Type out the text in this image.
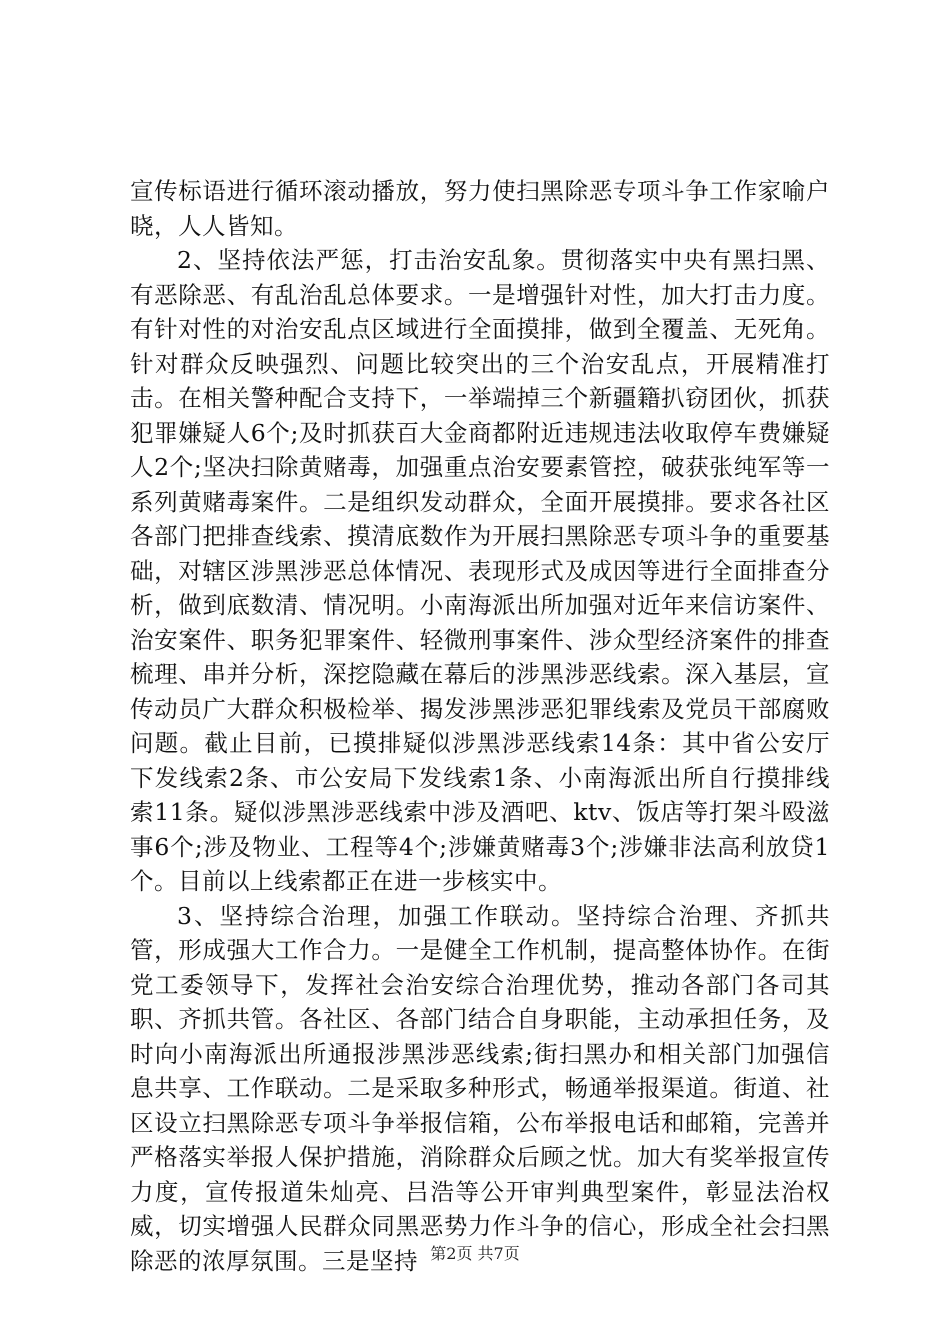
宣传标语进行循环滚动播放，努力使扫黑除恶专项斗争工作家喻户晓，人人皆知。

2、坚持依法严惩，打击治安乱象。贯彻落实中央有黑扫黑、有恶除恶、有乱治乱总体要求。一是增强针对性，加大打击力度。有针对性的对治安乱点区域进行全面摸排，做到全覆盖、无死角。针对群众反映强烈、问题比较突出的三个治安乱点，开展精准打击。在相关警种配合支持下，一举端掉三个新疆籍扒窃团伙，抓获犯罪嫌疑人6个;及时抓获百大金商都附近违规违法收取停车费嫌疑人2个;坚决扫除黄赌毒，加强重点治安要素管控，破获张纯军等一系列黄赌毒案件。二是组织发动群众，全面开展摸排。要求各社区各部门把排查线索、摸清底数作为开展扫黑除恶专项斗争的重要基础，对辖区涉黑涉恶总体情况、表现形式及成因等进行全面排查分析，做到底数清、情况明。小南海派出所加强对近年来信访案件、治安案件、职务犯罪案件、轻微刑事案件、涉众型经济案件的排查梳理、串并分析，深挖隐藏在幕后的涉黑涉恶线索。深入基层，宣传动员广大群众积极检举、揭发涉黑涉恶犯罪线索及党员干部腐败问题。截止目前，已摸排疑似涉黑涉恶线索14条：其中省公安厅下发线索2条、市公安局下发线索1条、小南海派出所自行摸排线索11条。疑似涉黑涉恶线索中涉及酒吧、ktv、饭店等打架斗殴滋事6个;涉及物业、工程等4个;涉嫌黄赌毒3个;涉嫌非法高利放贷1个。目前以上线索都正在进一步核实中。

3、坚持综合治理，加强工作联动。坚持综合治理、齐抓共管，形成强大工作合力。一是健全工作机制，提高整体协作。在街党工委领导下，发挥社会治安综合治理优势，推动各部门各司其职、齐抓共管。各社区、各部门结合自身职能，主动承担任务，及时向小南海派出所通报涉黑涉恶线索;街扫黑办和相关部门加强信息共享、工作联动。二是采取多种形式，畅通举报渠道。街道、社区设立扫黑除恶专项斗争举报信箱，公布举报电话和邮箱，完善并严格落实举报人保护措施，消除群众后顾之忧。加大有奖举报宣传力度，宣传报道朱灿亮、吕浩等公开审判典型案件，彰显法治权威，切实增强人民群众同黑恶势力作斗争的信心，形成全社会扫黑除恶的浓厚氛围。三是坚持 第2页 共7页
